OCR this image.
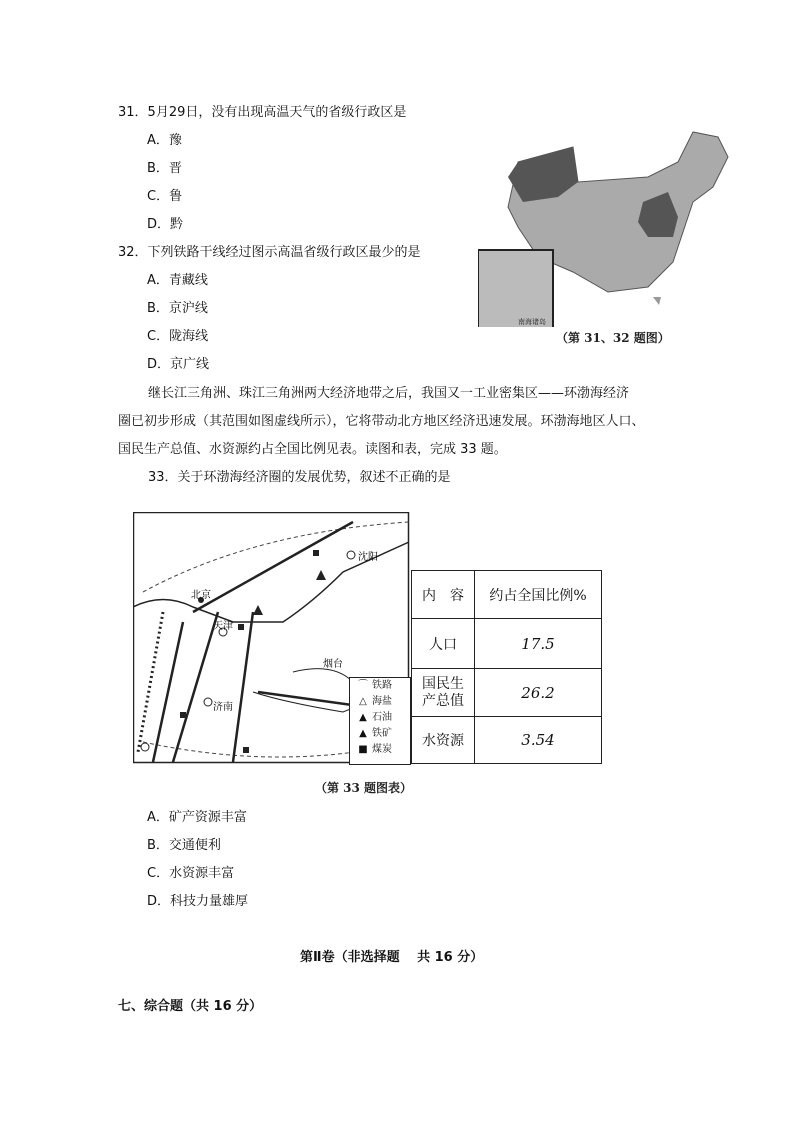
31．5月29日，没有出现高温天气的省级行政区是
A．豫
B．晋
C．鲁
D．黔
32．下列铁路干线经过图示高温省级行政区最少的是
A．青藏线
B．京沪线
C．陇海线
D．京广线
南海诸岛
（第 31、32 题图）
继长江三角洲、珠江三角洲两大经济地带之后，我国又一工业密集区——环渤海经济
圈已初步形成（其范围如图虚线所示），它将带动北方地区经济迅速发展。环渤海地区人口、
国民生产总值、水资源约占全国比例见表。读图和表，完成 33 题。
33．关于环渤海经济圈的发展优势，叙述不正确的是
沈阳
北京
天津
烟台
济南
⌒ 铁路
△ 海盐
▲ 石油
▲ 铁矿
■ 煤炭
内　容	约占全国比例%
人口	17.5
国民生
产总值	26.2
水资源	3.54
（第 33 题图表）
A．矿产资源丰富
B．交通便利
C．水资源丰富
D．科技力量雄厚
第Ⅱ卷（非选择题　 共 16 分）
七、综合题（共 16 分）
